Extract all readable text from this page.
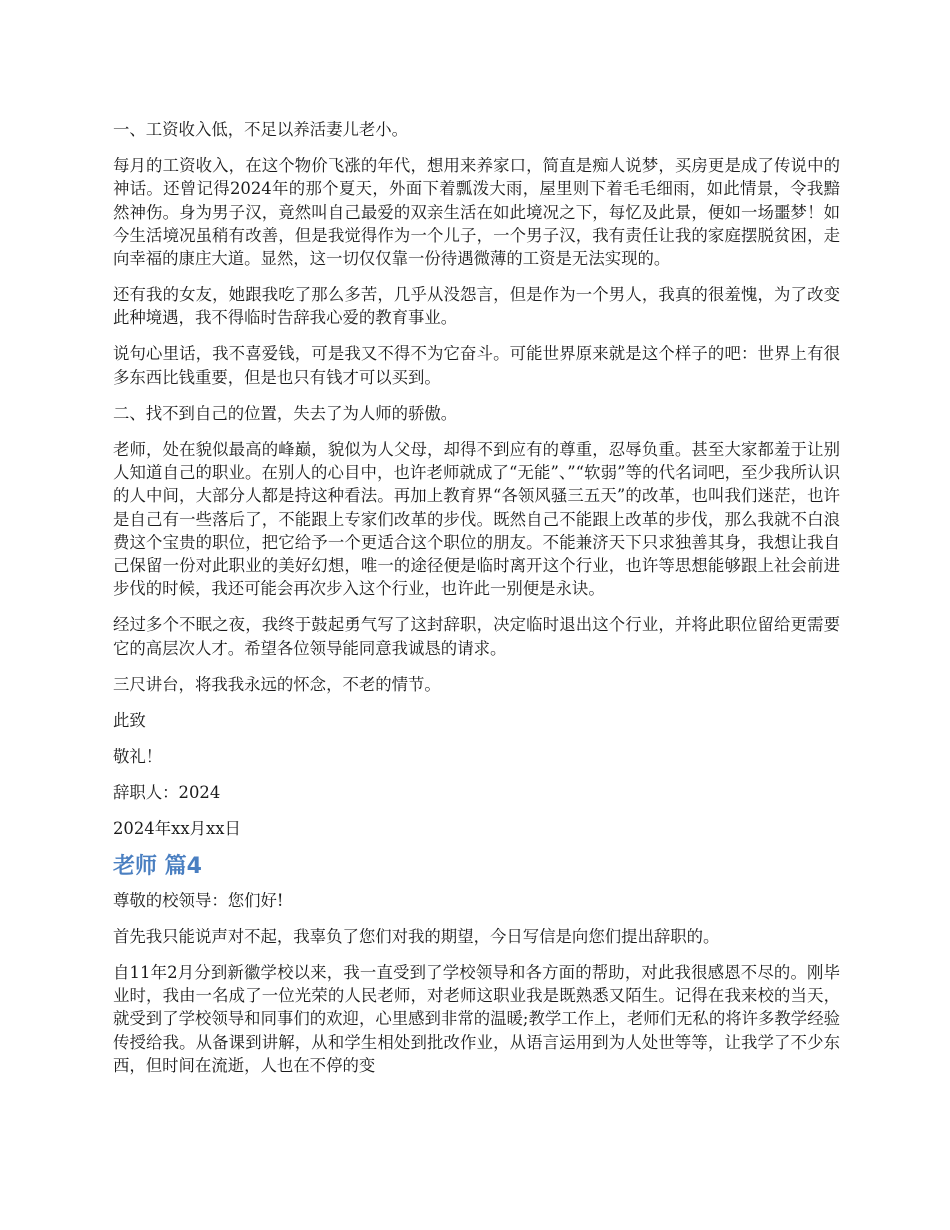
一、工资收入低，不足以养活妻儿老小。

每月的工资收入，在这个物价飞涨的年代，想用来养家口，简直是痴人说梦，买房更是成了传说中的神话。还曾记得2024年的那个夏天，外面下着瓢泼大雨，屋里则下着毛毛细雨，如此情景，令我黯然神伤。身为男子汉，竟然叫自己最爱的双亲生活在如此境况之下，每忆及此景，便如一场噩梦！如今生活境况虽稍有改善，但是我觉得作为一个儿子，一个男子汉，我有责任让我的家庭摆脱贫困，走向幸福的康庄大道。显然，这一切仅仅靠一份待遇微薄的工资是无法实现的。

还有我的女友，她跟我吃了那么多苦，几乎从没怨言，但是作为一个男人，我真的很羞愧，为了改变此种境遇，我不得临时告辞我心爱的教育事业。

说句心里话，我不喜爱钱，可是我又不得不为它奋斗。可能世界原来就是这个样子的吧：世界上有很多东西比钱重要，但是也只有钱才可以买到。

二、找不到自己的位置，失去了为人师的骄傲。

老师，处在貌似最高的峰巅，貌似为人父母，却得不到应有的尊重，忍辱负重。甚至大家都羞于让别人知道自己的职业。在别人的心目中，也许老师就成了“无能”、”“软弱”等的代名词吧，至少我所认识的人中间，大部分人都是持这种看法。再加上教育界“各领风骚三五天”的改革，也叫我们迷茫，也许是自己有一些落后了，不能跟上专家们改革的步伐。既然自己不能跟上改革的步伐，那么我就不白浪费这个宝贵的职位，把它给予一个更适合这个职位的朋友。不能兼济天下只求独善其身，我想让我自己保留一份对此职业的美好幻想，唯一的途径便是临时离开这个行业，也许等思想能够跟上社会前进步伐的时候，我还可能会再次步入这个行业，也许此一别便是永诀。

经过多个不眠之夜，我终于鼓起勇气写了这封辞职，决定临时退出这个行业，并将此职位留给更需要它的高层次人才。希望各位领导能同意我诚恳的请求。

三尺讲台，将我我永远的怀念，不老的情节。

此致

敬礼！

辞职人：2024

2024年xx月xx日

老师 篇4

尊敬的校领导：您们好!

首先我只能说声对不起，我辜负了您们对我的期望，今日写信是向您们提出辞职的。

自11年2月分到新徽学校以来，我一直受到了学校领导和各方面的帮助，对此我很感恩不尽的。刚毕业时，我由一名成了一位光荣的人民老师，对老师这职业我是既熟悉又陌生。记得在我来校的当天，就受到了学校领导和同事们的欢迎，心里感到非常的温暖;教学工作上，老师们无私的将许多教学经验传授给我。从备课到讲解，从和学生相处到批改作业，从语言运用到为人处世等等，让我学了不少东西，但时间在流逝，人也在不停的变
